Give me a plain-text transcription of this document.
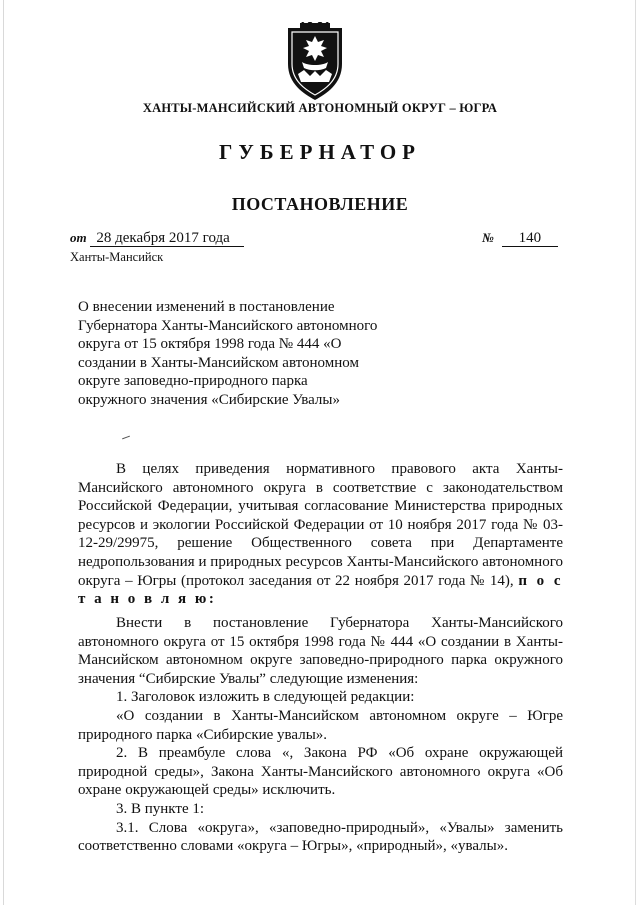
ХАНТЫ-МАНСИЙСКИЙ АВТОНОМНЫЙ ОКРУГ – ЮГРА
ГУБЕРНАТОР
ПОСТАНОВЛЕНИЕ
от 28 декабря 2017 года	№ 140
Ханты-Мансийск
О внесении изменений в постановление Губернатора Ханты-Мансийского автономного округа от 15 октября 1998 года № 444 «О создании в Ханты-Мансийском автономном округе заповедно-природного парка окружного значения «Сибирские Увалы»

В целях приведения нормативного правового акта Ханты-Мансийского автономного округа в соответствие с законодательством Российской Федерации, учитывая согласование Министерства природных ресурсов и экологии Российской Федерации от 10 ноября 2017 года № 03-12-29/29975, решение Общественного совета при Департаменте недропользования и природных ресурсов Ханты-Мансийского автономного округа – Югры (протокол заседания от 22 ноября 2017 года № 14), п о с т а н о в л я ю:

Внести в постановление Губернатора Ханты-Мансийского автономного округа от 15 октября 1998 года № 444 «О создании в Ханты-Мансийском автономном округе заповедно-природного парка окружного значения “Сибирские Увалы” следующие изменения:

1. Заголовок изложить в следующей редакции:

«О создании в Ханты-Мансийском автономном округе – Югре природного парка «Сибирские увалы».

2. В преамбуле слова «, Закона РФ «Об охране окружающей природной среды», Закона Ханты-Мансийского автономного округа «Об охране окружающей среды» исключить.

3. В пункте 1:

3.1. Слова «округа», «заповедно-природный», «Увалы» заменить соответственно словами «округа – Югры», «природный», «увалы».
